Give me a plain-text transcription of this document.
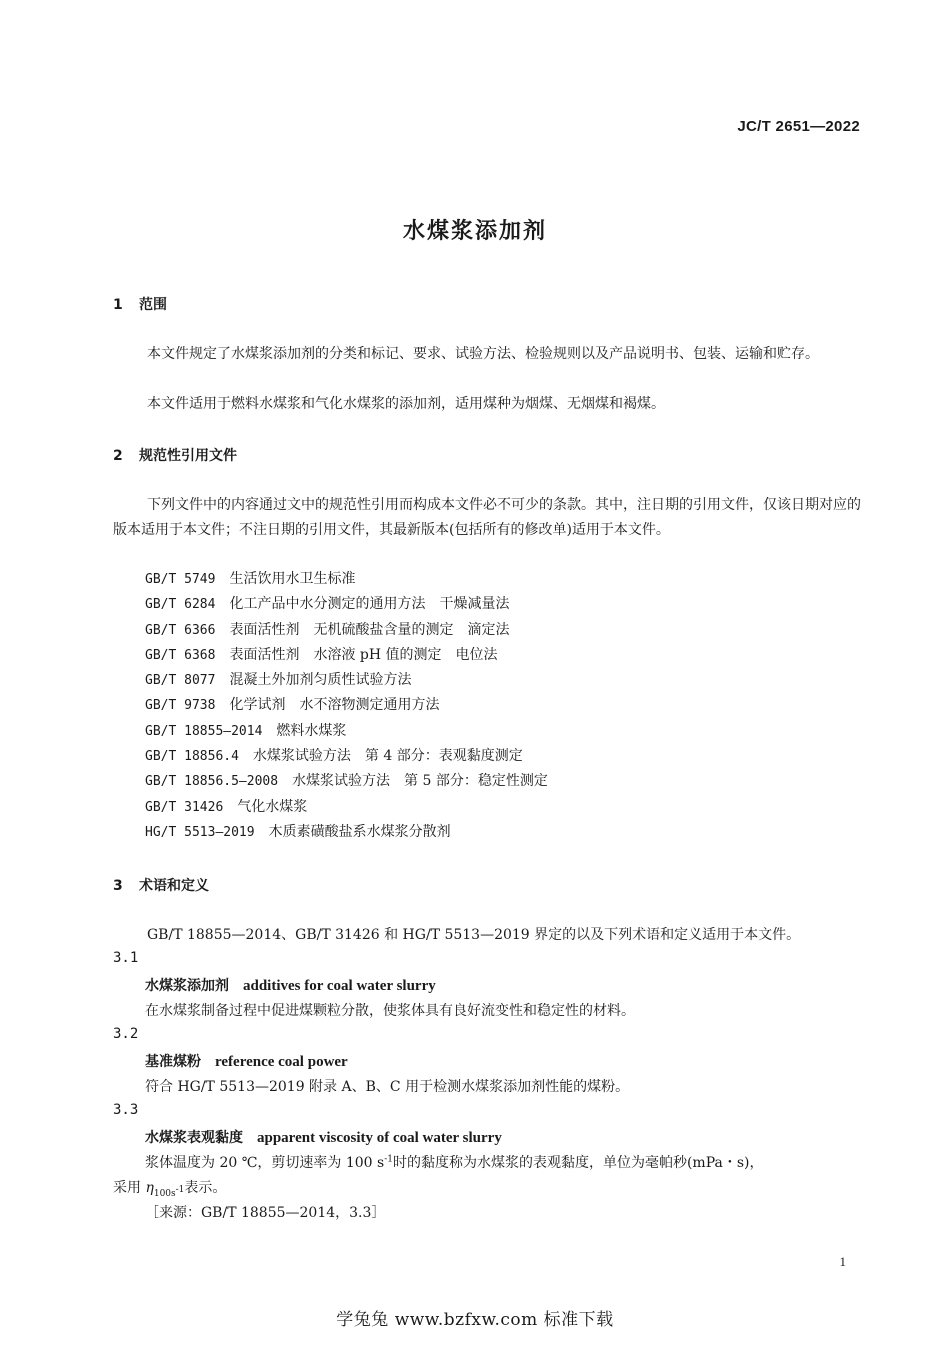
JC/T 2651—2022
水煤浆添加剂
1 范围
本文件规定了水煤浆添加剂的分类和标记、要求、试验方法、检验规则以及产品说明书、包装、运输和贮存。
本文件适用于燃料水煤浆和气化水煤浆的添加剂，适用煤种为烟煤、无烟煤和褐煤。
2 规范性引用文件
下列文件中的内容通过文中的规范性引用而构成本文件必不可少的条款。其中，注日期的引用文件，仅该日期对应的版本适用于本文件；不注日期的引用文件，其最新版本(包括所有的修改单)适用于本文件。
GB/T 5749 生活饮用水卫生标准
GB/T 6284 化工产品中水分测定的通用方法　干燥减量法
GB/T 6366 表面活性剂　无机硫酸盐含量的测定　滴定法
GB/T 6368 表面活性剂　水溶液 pH 值的测定　电位法
GB/T 8077 混凝土外加剂匀质性试验方法
GB/T 9738 化学试剂　水不溶物测定通用方法
GB/T 18855—2014 燃料水煤浆
GB/T 18856.4 水煤浆试验方法　第 4 部分：表观黏度测定
GB/T 18856.5—2008 水煤浆试验方法　第 5 部分：稳定性测定
GB/T 31426 气化水煤浆
HG/T 5513—2019 木质素磺酸盐系水煤浆分散剂
3 术语和定义
GB/T 18855—2014、GB/T 31426 和 HG/T 5513—2019 界定的以及下列术语和定义适用于本文件。
3.1
水煤浆添加剂 additives for coal water slurry
在水煤浆制备过程中促进煤颗粒分散，使浆体具有良好流变性和稳定性的材料。
3.2
基准煤粉 reference coal power
符合 HG/T 5513—2019 附录 A、B、C 用于检测水煤浆添加剂性能的煤粉。
3.3
水煤浆表观黏度 apparent viscosity of coal water slurry
浆体温度为 20 ℃，剪切速率为 100 $s^{-1}$时的黏度称为水煤浆的表观黏度，单位为毫帕秒(mPa・s)，
采用 $\eta_{100s^{-1}}$表示。
［来源：GB/T 18855—2014，3.3］
1
学兔兔 www.bzfxw.com 标准下载
